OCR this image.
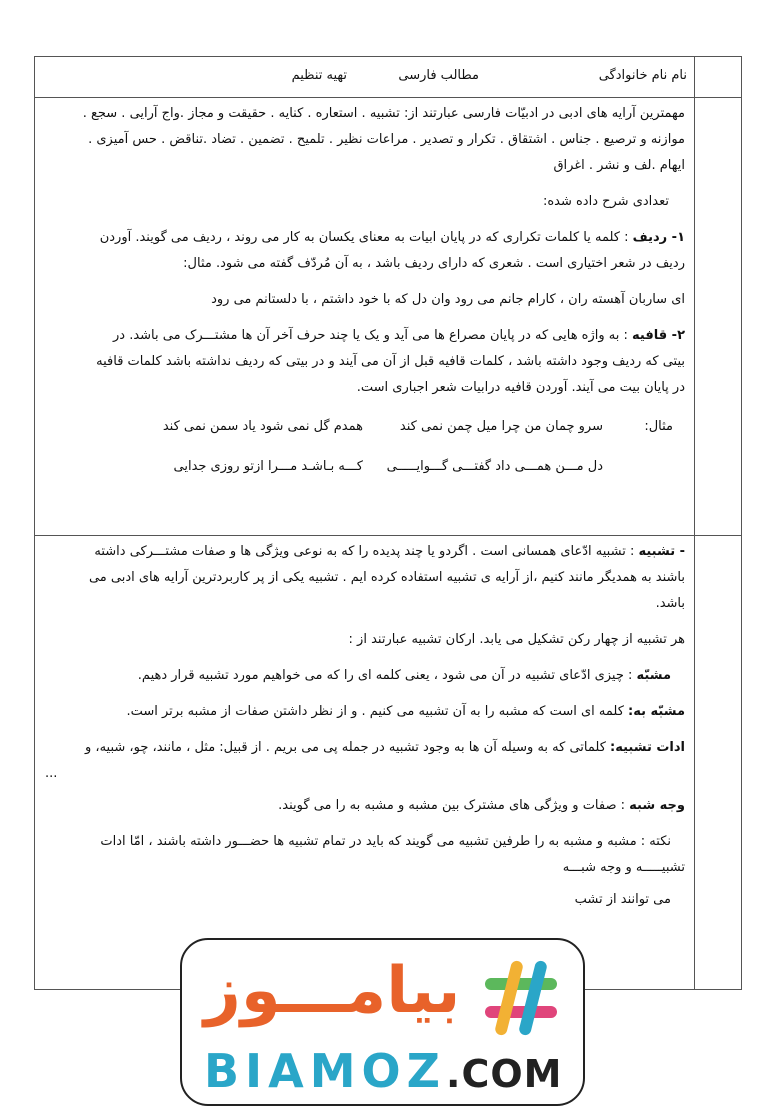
نام نام خانوادگی
مطالب فارسی
تهیه تنظیم
مهمترین آرایه های ادبی در ادبیّات فارسی عبارتند از: تشبیه . استعاره . کنایه . حقیقت و مجاز .واج آرایی . سجع .
موازنه و ترصیع . جناس . اشتقاق . تکرار و تصدیر . مراعات نظیر . تلمیح . تضمین . تضاد .تناقض . حس آمیزی .
ایهام .لف و نشر . اغراق
تعدادی شرح داده شده:
۱- ردیف : کلمه یا کلمات تکراری که در پایان ابیات به معنای یکسان به کار می روند ، ردیف می گویند. آوردن
ردیف در شعر اختیاری است . شعری که دارای ردیف باشد ، به آن مُردّف گفته می شود. مثال:
ای ساربان آهسته ران ، کارام جانم می رود وان دل که با خود داشتم ، با دلستانم می رود
۲- قافیه : به واژه هایی که در پایان مصراع ها می آید و یک یا چند حرف آخر آن ها مشتـــرک می باشد. در
بیتی که ردیف وجود داشته باشد ، کلمات قافیه قبل از آن می آیند و در بیتی که ردیف نداشته باشد کلمات قافیه
در پایان بیت می آیند. آوردن قافیه درابیات شعر اجباری است.
مثال:
سرو چمان من چرا میل چمن نمی کند
همدم گل نمی شود یاد سمن نمی کند
دل مـــن همـــی داد گفتـــی گـــوایـــــی
کـــه بـاشـد مـــرا ازتو روزی جدایی
- تشبیه : تشبیه ادّعای همسانی است . اگردو یا چند پدیده را که به نوعی ویژگی ها و صفات مشتـــرکی داشته
باشند به همدیگر مانند کنیم ،از آرایه ی تشبیه استفاده کرده ایم . تشبیه یکی از پر کاربردترین آرایه های ادبی می
باشد.
هر تشبیه از چهار رکن تشکیل می یابد. ارکان تشبیه عبارتند از :
مشبّه : چیزی ادّعای تشبیه در آن می شود ، یعنی کلمه ای را که می خواهیم مورد تشبیه قرار دهیم.
مشبّه به: کلمه ای است که مشبه را به آن تشبیه می کنیم . و از نظر داشتن صفات از مشبه برتر است.
ادات تشبیه: کلماتی که به وسیله آن ها به وجود تشبیه در جمله پی می بریم . از قبیل: مثل ، مانند، چو، شبیه، و
...
وجه شبه : صفات و ویژگی های مشترک بین مشبه و مشبه به را می گویند.
نکته : مشبه و مشبه به را طرفین تشبیه می گویند که باید در تمام تشبیه ها حضـــور داشته باشند ، امّا ادات
تشبیـــــه و وجه شبـــه
می توانند از تشب
بیامـــوز
BIAMOZ.COM
